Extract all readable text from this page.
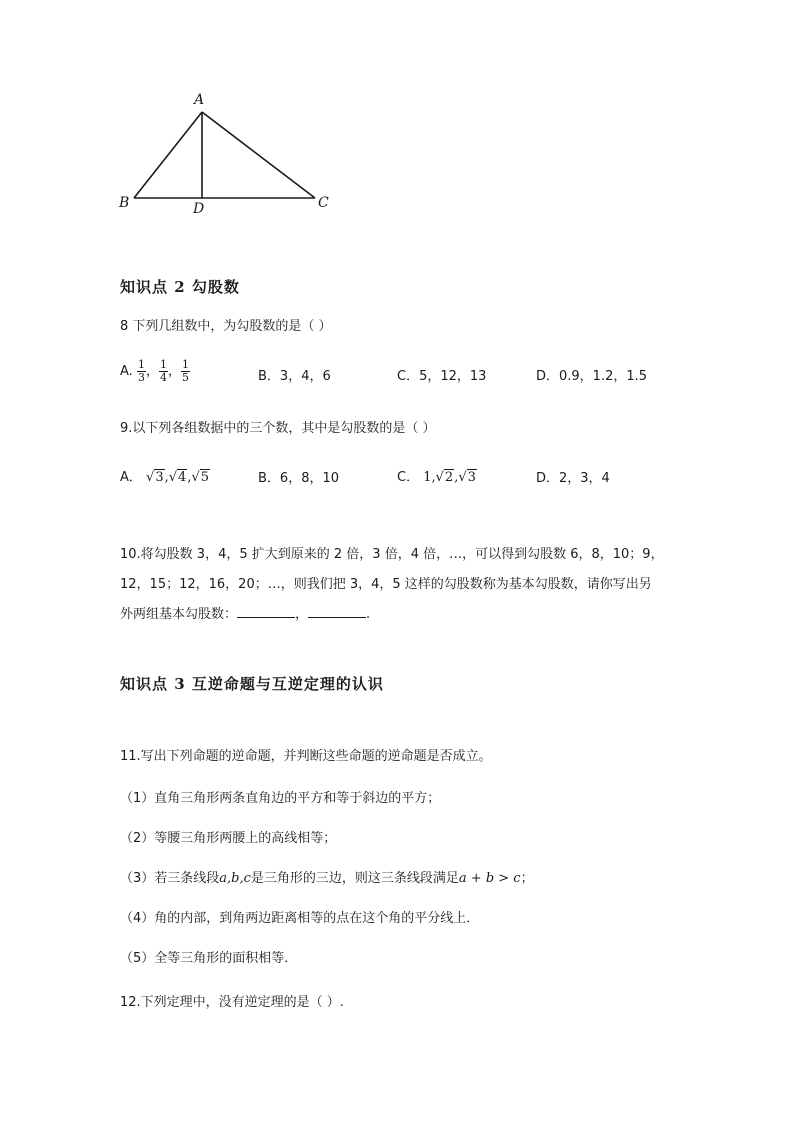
A
B	D	C
知识点 2 勾股数
8 下列几组数中，为勾股数的是（ ）
A. $\frac{1}{3}$ ， $\frac{1}{4}$ ， $\frac{1}{5}$	B．3，4，6	C．5，12，13	D．0.9，1.2，1.5
9.以下列各组数据中的三个数，其中是勾股数的是（ ）
A． √3,√4,√5	B．6，8，10	C． 1,√2,√3	D．2，3，4
10.将勾股数 3，4，5 扩大到原来的 2 倍，3 倍，4 倍，…，可以得到勾股数 6，8，10；9，
12，15；12，16，20；…，则我们把 3，4，5 这样的勾股数称为基本勾股数，请你写出另
外两组基本勾股数：	，	.
知识点 3 互逆命题与互逆定理的认识
11.写出下列命题的逆命题，并判断这些命题的逆命题是否成立。
（1）直角三角形两条直角边的平方和等于斜边的平方；
（2）等腰三角形两腰上的高线相等；
（3）若三条线段a,b,c是三角形的三边，则这三条线段满足a + b > c；
（4）角的内部，到角两边距离相等的点在这个角的平分线上．
（5）全等三角形的面积相等．
12.下列定理中，没有逆定理的是（ ）.
